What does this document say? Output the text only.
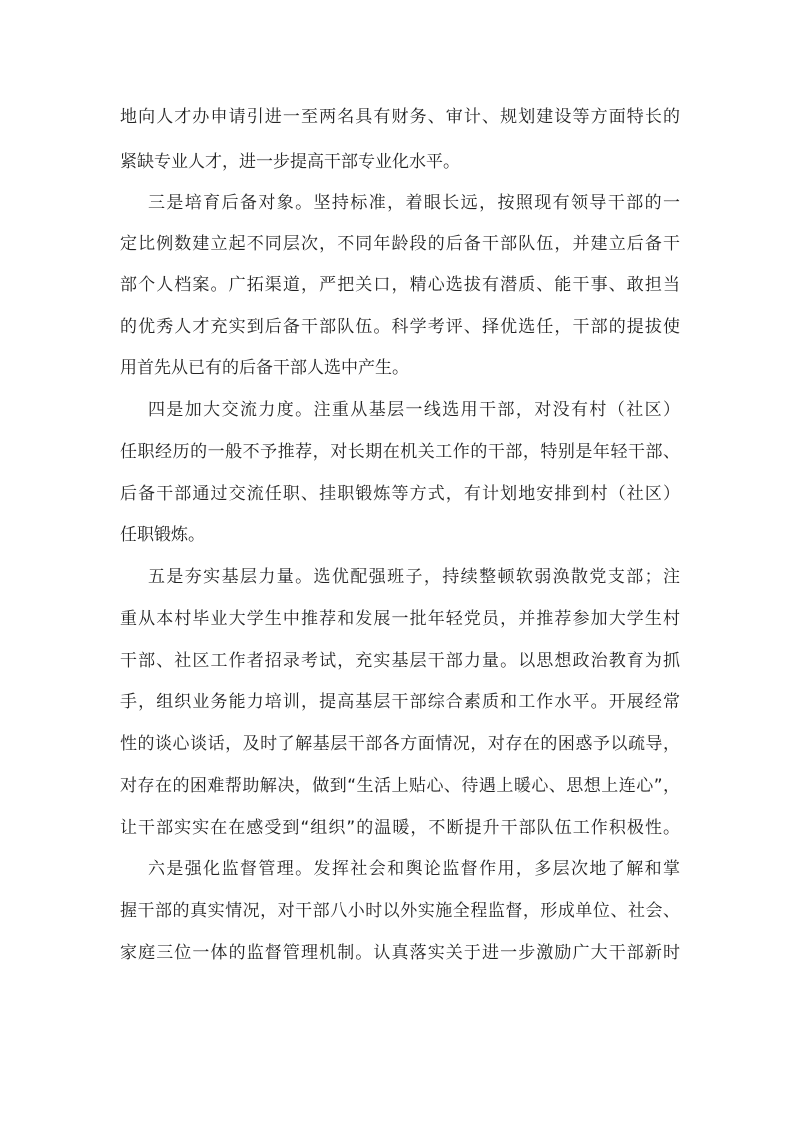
地向人才办申请引进一至两名具有财务、审计、规划建设等方面特长的
紧缺专业人才，进一步提高干部专业化水平。
三是培育后备对象。坚持标准，着眼长远，按照现有领导干部的一
定比例数建立起不同层次，不同年龄段的后备干部队伍，并建立后备干
部个人档案。广拓渠道，严把关口，精心选拔有潜质、能干事、敢担当
的优秀人才充实到后备干部队伍。科学考评、择优选任，干部的提拔使
用首先从已有的后备干部人选中产生。
四是加大交流力度。注重从基层一线选用干部，对没有村（社区）
任职经历的一般不予推荐，对长期在机关工作的干部，特别是年轻干部、
后备干部通过交流任职、挂职锻炼等方式，有计划地安排到村（社区）
任职锻炼。
五是夯实基层力量。选优配强班子，持续整顿软弱涣散党支部；注
重从本村毕业大学生中推荐和发展一批年轻党员，并推荐参加大学生村
干部、社区工作者招录考试，充实基层干部力量。以思想政治教育为抓
手，组织业务能力培训，提高基层干部综合素质和工作水平。开展经常
性的谈心谈话，及时了解基层干部各方面情况，对存在的困惑予以疏导，
对存在的困难帮助解决，做到“生活上贴心、待遇上暖心、思想上连心”，
让干部实实在在感受到“组织”的温暖，不断提升干部队伍工作积极性。
六是强化监督管理。发挥社会和舆论监督作用，多层次地了解和掌
握干部的真实情况，对干部八小时以外实施全程监督，形成单位、社会、
家庭三位一体的监督管理机制。认真落实关于进一步激励广大干部新时
